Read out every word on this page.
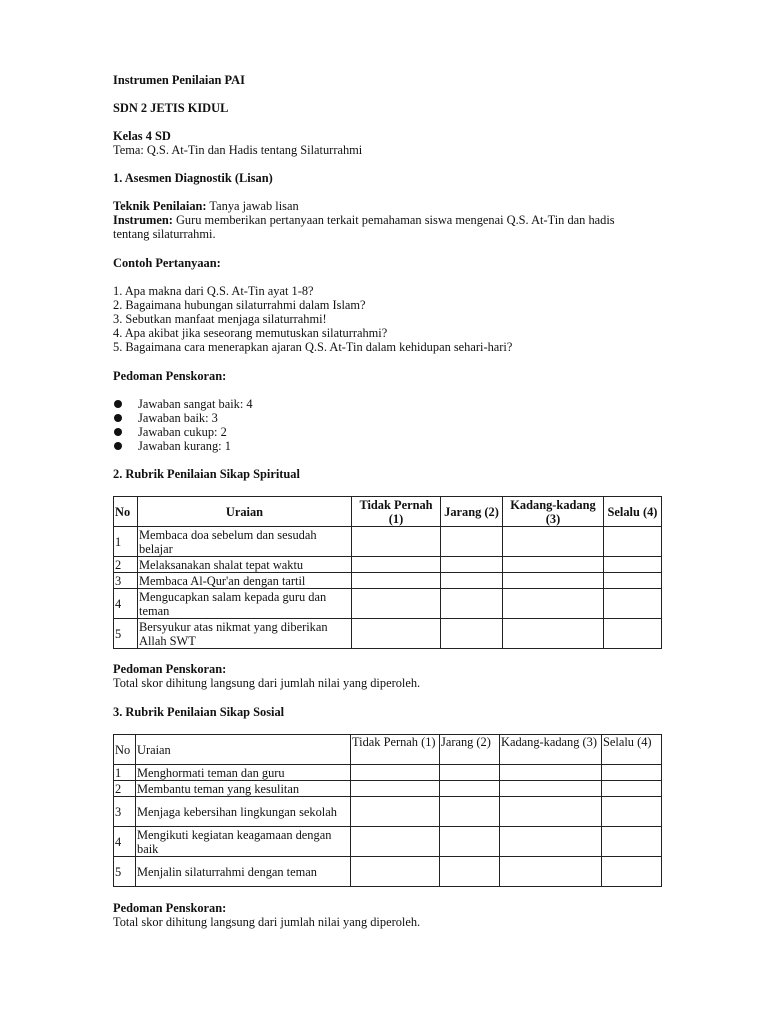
Instrumen Penilaian PAI
SDN 2 JETIS KIDUL
Kelas 4 SD
Tema: Q.S. At-Tin dan Hadis tentang Silaturrahmi
1. Asesmen Diagnostik (Lisan)
Teknik Penilaian: Tanya jawab lisan
Instrumen: Guru memberikan pertanyaan terkait pemahaman siswa mengenai Q.S. At-Tin dan hadis tentang silaturrahmi.
Contoh Pertanyaan:
1. Apa makna dari Q.S. At-Tin ayat 1-8?
2. Bagaimana hubungan silaturrahmi dalam Islam?
3. Sebutkan manfaat menjaga silaturrahmi!
4. Apa akibat jika seseorang memutuskan silaturrahmi?
5. Bagaimana cara menerapkan ajaran Q.S. At-Tin dalam kehidupan sehari-hari?
Pedoman Penskoran:
Jawaban sangat baik: 4
Jawaban baik: 3
Jawaban cukup: 2
Jawaban kurang: 1
2. Rubrik Penilaian Sikap Spiritual
No	Uraian	Tidak Pernah (1)	Jarang (2)	Kadang-kadang (3)	Selalu (4)
1	Membaca doa sebelum dan sesudah belajar				
2	Melaksanakan shalat tepat waktu				
3	Membaca Al-Qur'an dengan tartil				
4	Mengucapkan salam kepada guru dan teman				
5	Bersyukur atas nikmat yang diberikan Allah SWT				
Pedoman Penskoran:
Total skor dihitung langsung dari jumlah nilai yang diperoleh.
3. Rubrik Penilaian Sikap Sosial
No	Uraian	Tidak Pernah (1)	Jarang (2)	Kadang-kadang (3)	Selalu (4)
1	Menghormati teman dan guru				
2	Membantu teman yang kesulitan				
3	Menjaga kebersihan lingkungan sekolah				
4	Mengikuti kegiatan keagamaan dengan baik				
5	Menjalin silaturrahmi dengan teman				
Pedoman Penskoran:
Total skor dihitung langsung dari jumlah nilai yang diperoleh.
